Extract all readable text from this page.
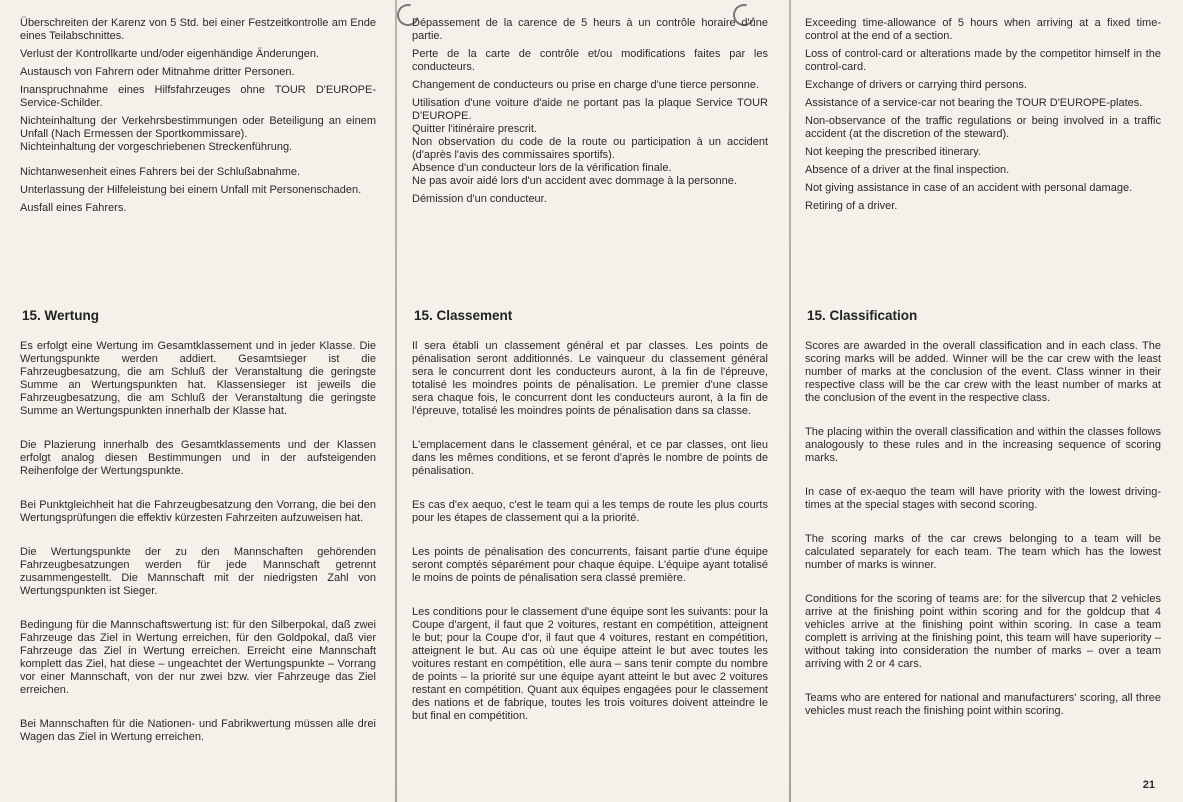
Überschreiten der Karenz von 5 Std. bei einer Festzeitkontrolle am Ende eines Teilabschnittes.

Verlust der Kontrollkarte und/oder eigenhändige Änderungen.

Austausch von Fahrern oder Mitnahme dritter Personen.

Inanspruchnahme eines Hilfsfahrzeuges ohne TOUR D'EUROPE-Service-Schilder.

Nichteinhaltung der Verkehrsbestimmungen oder Beteiligung an einem Unfall (Nach Ermessen der Sportkommissare).

Nichteinhaltung der vorgeschriebenen Streckenführung.

Nichtanwesenheit eines Fahrers bei der Schlußabnahme.

Unterlassung der Hilfeleistung bei einem Unfall mit Personenschaden.

Ausfall eines Fahrers.

15. Wertung

Es erfolgt eine Wertung im Gesamtklassement und in jeder Klasse. Die Wertungspunkte werden addiert. Gesamtsieger ist die Fahrzeugbesatzung, die am Schluß der Veranstaltung die geringste Summe an Wertungspunkten hat. Klassensieger ist jeweils die Fahrzeugbesatzung, die am Schluß der Veranstaltung die geringste Summe an Wertungspunkten innerhalb der Klasse hat.

Die Plazierung innerhalb des Gesamtklassements und der Klassen erfolgt analog diesen Bestimmungen und in der aufsteigenden Reihenfolge der Wertungspunkte.

Bei Punktgleichheit hat die Fahrzeugbesatzung den Vorrang, die bei den Wertungsprüfungen die effektiv kürzesten Fahrzeiten aufzuweisen hat.

Die Wertungspunkte der zu den Mannschaften gehörenden Fahrzeugbesatzungen werden für jede Mannschaft getrennt zusammengestellt. Die Mannschaft mit der niedrigsten Zahl von Wertungspunkten ist Sieger.

Bedingung für die Mannschaftswertung ist: für den Silberpokal, daß zwei Fahrzeuge das Ziel in Wertung erreichen, für den Goldpokal, daß vier Fahrzeuge das Ziel in Wertung erreichen. Erreicht eine Mannschaft komplett das Ziel, hat diese – ungeachtet der Wertungspunkte – Vorrang vor einer Mannschaft, von der nur zwei bzw. vier Fahrzeuge das Ziel erreichen.

Bei Mannschaften für die Nationen- und Fabrikwertung müssen alle drei Wagen das Ziel in Wertung erreichen.

Dépassement de la carence de 5 heurs à un contrôle horaire d'une partie.

Perte de la carte de contrôle et/ou modifications faites par les conducteurs.

Changement de conducteurs ou prise en charge d'une tierce personne.

Utilisation d'une voiture d'aide ne portant pas la plaque Service TOUR D'EUROPE.

Quitter l'itinéraire prescrit.

Non observation du code de la route ou participation à un accident (d'après l'avis des commissaires sportifs).

Absence d'un conducteur lors de la vérification finale.

Ne pas avoir aidé lors d'un accident avec dommage à la personne.

Démission d'un conducteur.

15. Classement

Il sera établi un classement général et par classes. Les points de pénalisation seront additionnés. Le vainqueur du classement général sera le concurrent dont les conducteurs auront, à la fin de l'épreuve, totalisé les moindres points de pénalisation. Le premier d'une classe sera chaque fois, le concurrent dont les conducteurs auront, à la fin de l'épreuve, totalisé les moindres points de pénalisation dans sa classe.

L'emplacement dans le classement général, et ce par classes, ont lieu dans les mêmes conditions, et se feront d'après le nombre de points de pénalisation.

Es cas d'ex aequo, c'est le team qui a les temps de route les plus courts pour les étapes de classement qui a la priorité.

Les points de pénalisation des concurrents, faisant partie d'une équipe seront comptés séparément pour chaque équipe. L'équipe ayant totalisé le moins de points de pénalisation sera classé première.

Les conditions pour le classement d'une équipe sont les suivants: pour la Coupe d'argent, il faut que 2 voitures, restant en compétition, atteignent le but; pour la Coupe d'or, il faut que 4 voitures, restant en compétition, atteignent le but. Au cas où une équipe atteint le but avec toutes les voitures restant en compétition, elle aura – sans tenir compte du nombre de points – la priorité sur une équipe ayant atteint le but avec 2 voitures restant en compétition. Quant aux équipes engagées pour le classement des nations et de fabrique, toutes les trois voitures doivent atteindre le but final en compétition.

Exceeding time-allowance of 5 hours when arriving at a fixed time-control at the end of a section.

Loss of control-card or alterations made by the competitor himself in the control-card.

Exchange of drivers or carrying third persons.

Assistance of a service-car not bearing the TOUR D'EUROPE-plates.

Non-observance of the traffic regulations or being involved in a traffic accident (at the discretion of the steward).

Not keeping the prescribed itinerary.

Absence of a driver at the final inspection.

Not giving assistance in case of an accident with personal damage.

Retiring of a driver.

15. Classification

Scores are awarded in the overall classification and in each class. The scoring marks will be added. Winner will be the car crew with the least number of marks at the conclusion of the event. Class winner in their respective class will be the car crew with the least number of marks at the conclusion of the event in the respective class.

The placing within the overall classification and within the classes follows analogously to these rules and in the increasing sequence of scoring marks.

In case of ex-aequo the team will have priority with the lowest driving-times at the special stages with second scoring.

The scoring marks of the car crews belonging to a team will be calculated separately for each team. The team which has the lowest number of marks is winner.

Conditions for the scoring of teams are: for the silvercup that 2 vehicles arrive at the finishing point within scoring and for the goldcup that 4 vehicles arrive at the finishing point within scoring. In case a team complett is arriving at the finishing point, this team will have superiority – without taking into consideration the number of marks – over a team arriving with 2 or 4 cars.

Teams who are entered for national and manufacturers' scoring, all three vehicles must reach the finishing point within scoring.

21
